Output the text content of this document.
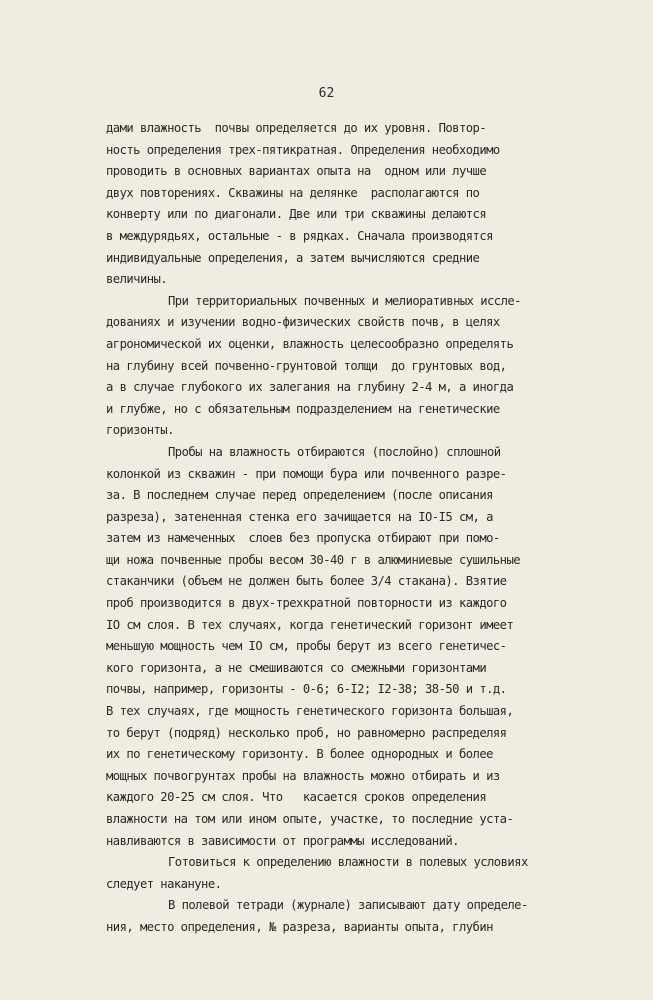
62
дами влажность  почвы определяется до их уровня. Повтор-
ность определения трех-пятикратная. Определения необходимо
проводить в основных вариантах опыта на  одном или лучше
двух повторениях. Скважины на делянке  располагаются по
конверту или по диагонали. Две или три скважины делаются
в междурядьях, остальные - в рядках. Сначала производятся
индивидуальные определения, а затем вычисляются средние
величины.
При территориальных почвенных и мелиоративных иссле-
дованиях и изучении водно-физических свойств почв, в целях
агрономической их оценки, влажность целесообразно определять
на глубину всей почвенно-грунтовой толщи  до грунтовых вод,
а в случае глубокого их залегания на глубину 2-4 м, а иногда
и глубже, но с обязательным подразделением на генетические
горизонты.
Пробы на влажность отбираются (послойно) сплошной
колонкой из скважин - при помощи бура или почвенного разре-
за. В последнем случае перед определением (после описания
разреза), затененная стенка его зачищается на IO-I5 см, а
затем из намеченных  слоев без пропуска отбирают при помо-
щи ножа почвенные пробы весом 30-40 г в алюминиевые сушильные
стаканчики (объем не должен быть более 3/4 стакана). Взятие
проб производится в двух-трехкратной повторности из каждого
IO см слоя. В тех случаях, когда генетический горизонт имеет
меньшую мощность чем IO см, пробы берут из всего генетичес-
кого горизонта, а не смешиваются со смежными горизонтами
почвы, например, горизонты - 0-6; 6-I2; I2-38; 38-50 и т.д.
В тех случаях, где мощность генетического горизонта большая,
то берут (подряд) несколько проб, но равномерно распределяя
их по генетическому горизонту. В более однородных и более
мощных почвогрунтах пробы на влажность можно отбирать и из
каждого 20-25 см слоя. Что   касается сроков определения
влажности на том или ином опыте, участке, то последние уста-
навливаются в зависимости от программы исследований.
Готовиться к определению влажности в полевых условиях
следует накануне.
В полевой тетради (журнале) записывают дату определе-
ния, место определения, № разреза, варианты опыта, глубин
